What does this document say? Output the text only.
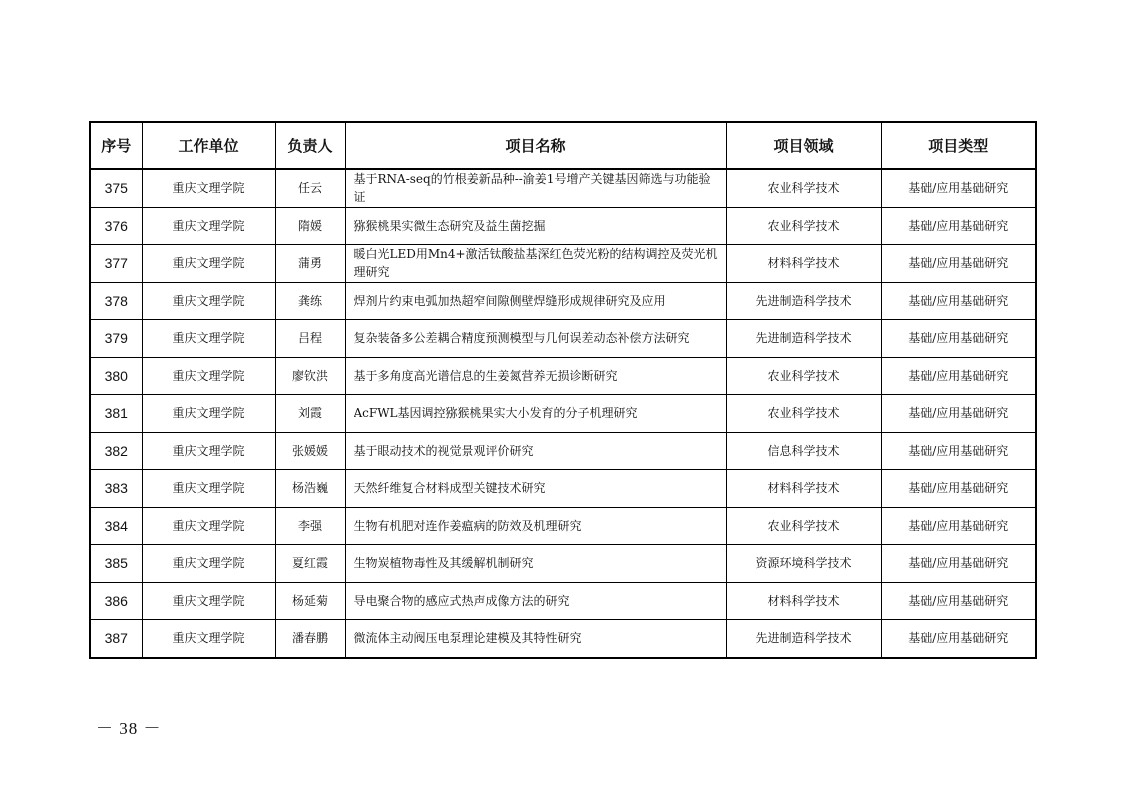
序号	工作单位	负责人	项目名称	项目领域	项目类型
375	重庆文理学院	任云	基于RNA-seq的竹根姜新品种--渝姜1号增产关键基因筛选与功能验证	农业科学技术	基础/应用基础研究
376	重庆文理学院	隋媛	猕猴桃果实微生态研究及益生菌挖掘	农业科学技术	基础/应用基础研究
377	重庆文理学院	蒲勇	暖白光LED用Mn4+激活钛酸盐基深红色荧光粉的结构调控及荧光机理研究	材料科学技术	基础/应用基础研究
378	重庆文理学院	龚练	焊剂片约束电弧加热超窄间隙侧壁焊缝形成规律研究及应用	先进制造科学技术	基础/应用基础研究
379	重庆文理学院	吕程	复杂装备多公差耦合精度预测模型与几何误差动态补偿方法研究	先进制造科学技术	基础/应用基础研究
380	重庆文理学院	廖钦洪	基于多角度高光谱信息的生姜氮营养无损诊断研究	农业科学技术	基础/应用基础研究
381	重庆文理学院	刘霞	AcFWL基因调控猕猴桃果实大小发育的分子机理研究	农业科学技术	基础/应用基础研究
382	重庆文理学院	张媛媛	基于眼动技术的视觉景观评价研究	信息科学技术	基础/应用基础研究
383	重庆文理学院	杨浩巍	天然纤维复合材料成型关键技术研究	材料科学技术	基础/应用基础研究
384	重庆文理学院	李强	生物有机肥对连作姜瘟病的防效及机理研究	农业科学技术	基础/应用基础研究
385	重庆文理学院	夏红霞	生物炭植物毒性及其缓解机制研究	资源环境科学技术	基础/应用基础研究
386	重庆文理学院	杨延菊	导电聚合物的感应式热声成像方法的研究	材料科学技术	基础/应用基础研究
387	重庆文理学院	潘春鹏	微流体主动阀压电泵理论建模及其特性研究	先进制造科学技术	基础/应用基础研究
－ 38 －
